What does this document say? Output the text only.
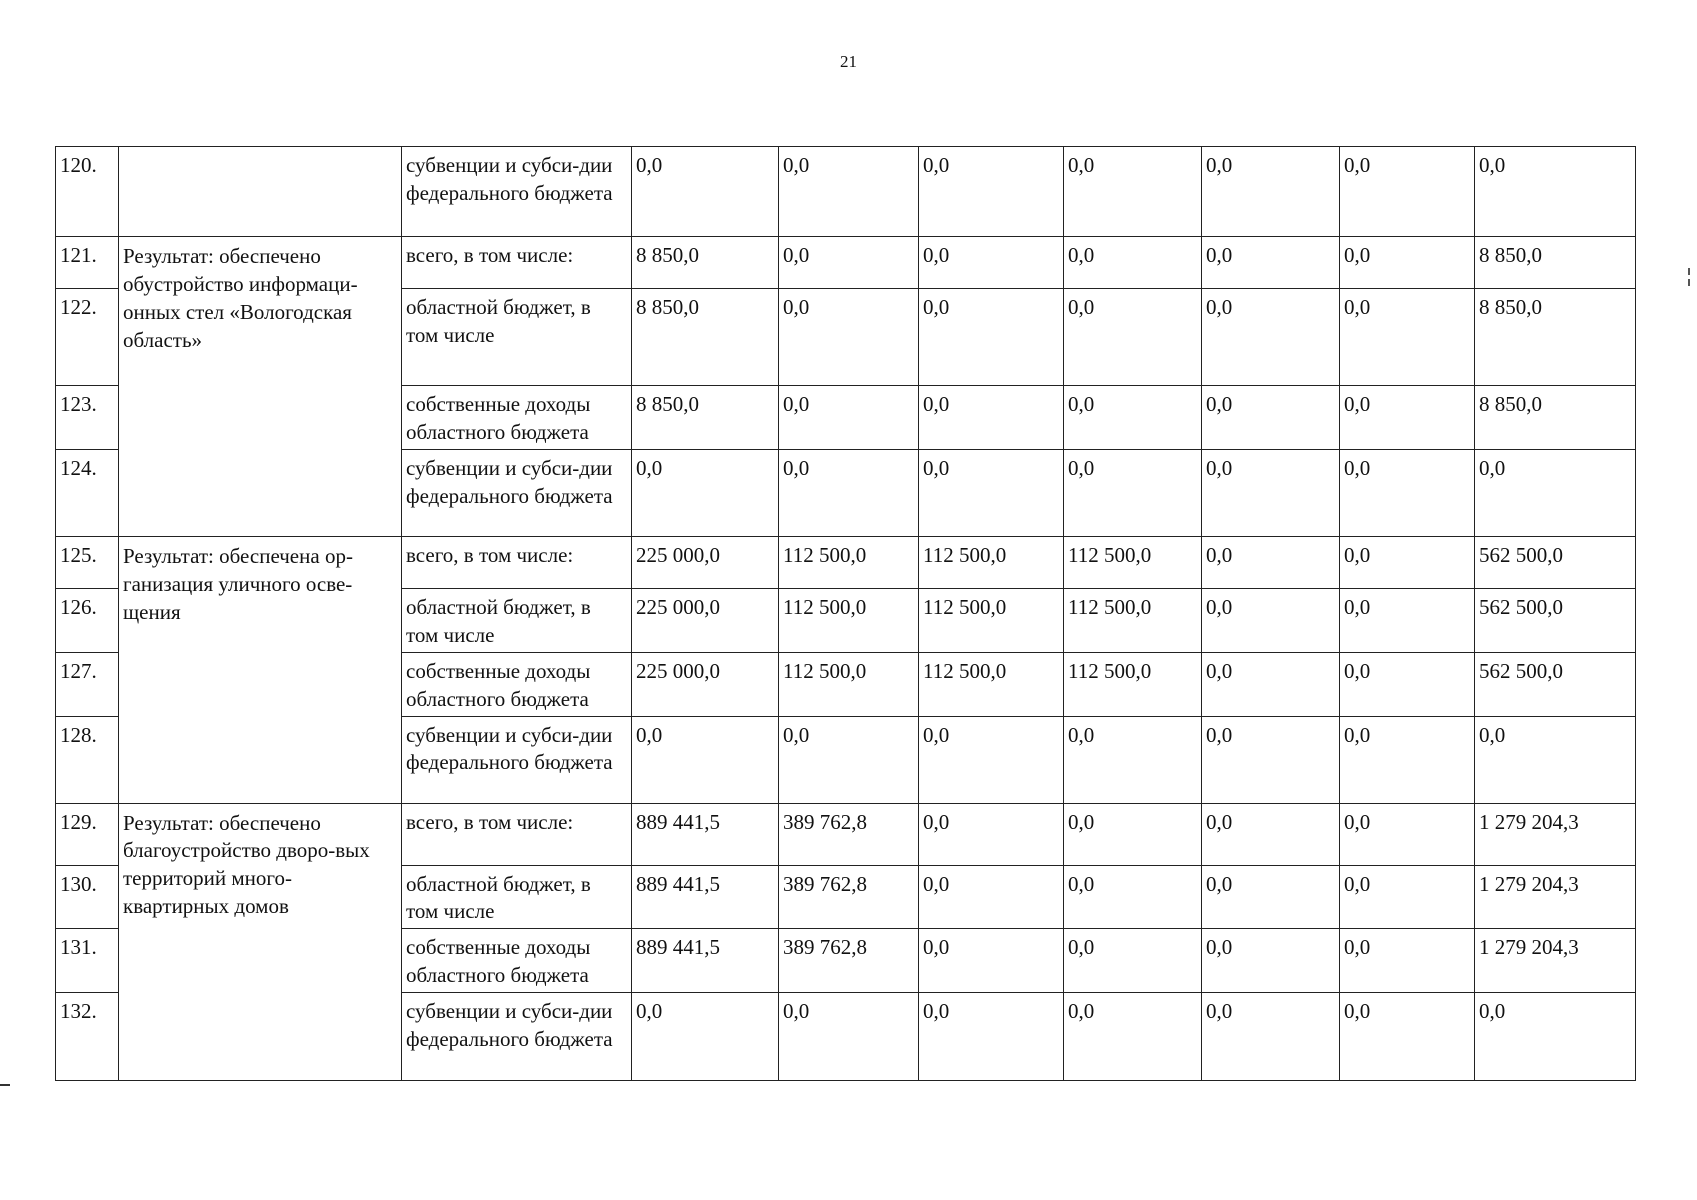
21
120.		субвенции и субси-дии федерального бюджета	0,0	0,0	0,0	0,0	0,0	0,0	0,0
121.	Результат: обеспечено обустройство информаци-онных стел «Вологодская область»	всего, в том числе:	8 850,0	0,0	0,0	0,0	0,0	0,0	8 850,0
122.		областной бюджет, в том числе	8 850,0	0,0	0,0	0,0	0,0	0,0	8 850,0
123.		собственные доходы областного бюджета	8 850,0	0,0	0,0	0,0	0,0	0,0	8 850,0
124.		субвенции и субси-дии федерального бюджета	0,0	0,0	0,0	0,0	0,0	0,0	0,0
125.	Результат: обеспечена ор-ганизация уличного осве-щения	всего, в том числе:	225 000,0	112 500,0	112 500,0	112 500,0	0,0	0,0	562 500,0
126.		областной бюджет, в том числе	225 000,0	112 500,0	112 500,0	112 500,0	0,0	0,0	562 500,0
127.		собственные доходы областного бюджета	225 000,0	112 500,0	112 500,0	112 500,0	0,0	0,0	562 500,0
128.		субвенции и субси-дии федерального бюджета	0,0	0,0	0,0	0,0	0,0	0,0	0,0
129.	Результат: обеспечено благоустройство дворо-вых территорий много-квартирных домов	всего, в том числе:	889 441,5	389 762,8	0,0	0,0	0,0	0,0	1 279 204,3
130.		областной бюджет, в том числе	889 441,5	389 762,8	0,0	0,0	0,0	0,0	1 279 204,3
131.		собственные доходы областного бюджета	889 441,5	389 762,8	0,0	0,0	0,0	0,0	1 279 204,3
132.		субвенции и субси-дии федерального бюджета	0,0	0,0	0,0	0,0	0,0	0,0	0,0
